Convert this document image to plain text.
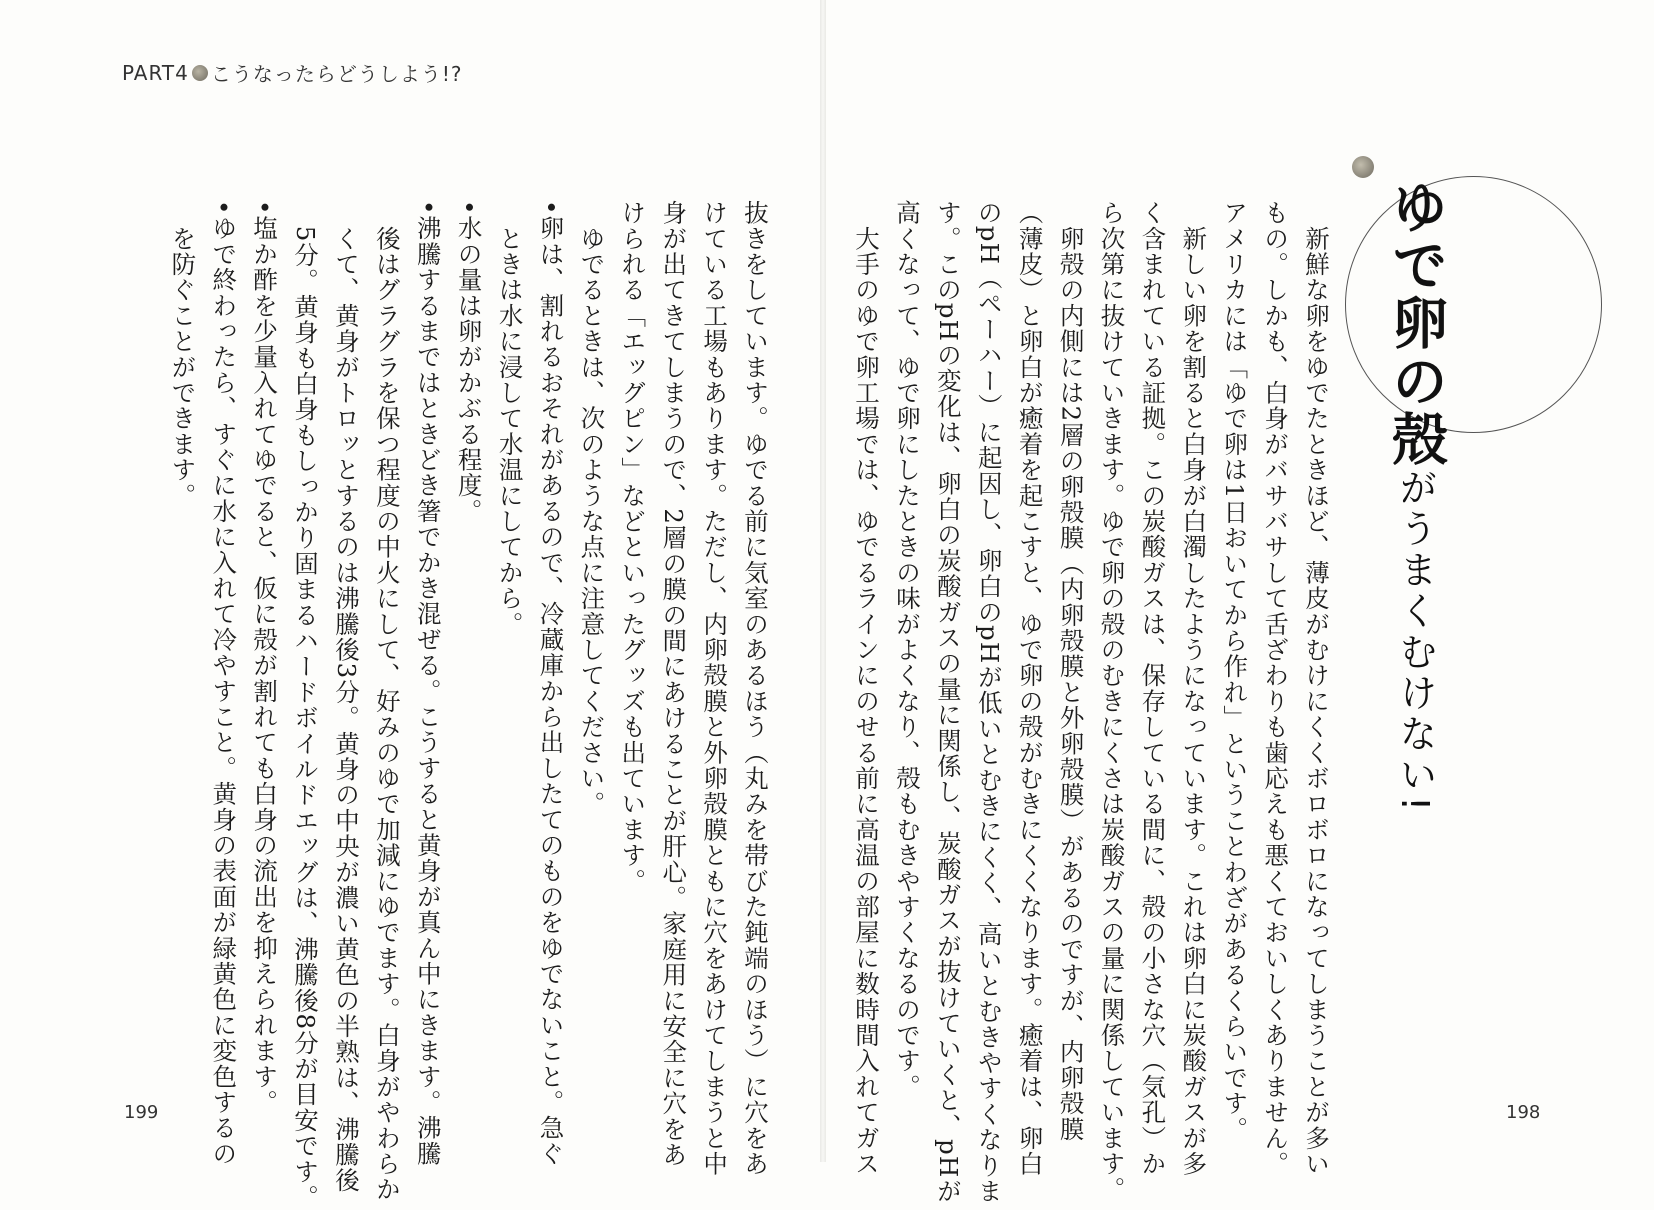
PART4 こうなったらどうしよう!?
ゆで卵の殻がうまくむけない!

　新鮮な卵をゆでたときほど、薄皮がむけにくくボロボロになってしまうことが多い
もの。しかも、白身がバサバサして舌ざわりも歯応えも悪くておいしくありません。
アメリカには「ゆで卵は1日おいてから作れ」ということわざがあるくらいです。
　新しい卵を割ると白身が白濁したようになっています。これは卵白に炭酸ガスが多
く含まれている証拠。この炭酸ガスは、保存している間に、殻の小さな穴（気孔）か
ら次第に抜けていきます。ゆで卵の殻のむきにくさは炭酸ガスの量に関係しています。
　卵殻の内側には2層の卵殻膜（内卵殻膜と外卵殻膜）があるのですが、内卵殻膜
（薄皮）と卵白が癒着を起こすと、ゆで卵の殻がむきにくくなります。癒着は、卵白
のpH（ペーハー）に起因し、卵白のpHが低いとむきにくく、高いとむきやすくなりま
す。このpHの変化は、卵白の炭酸ガスの量に関係し、炭酸ガスが抜けていくと、pHが
高くなって、ゆで卵にしたときの味がよくなり、殻もむきやすくなるのです。
　大手のゆで卵工場では、ゆでるラインにのせる前に高温の部屋に数時間入れてガス

抜きをしています。ゆでる前に気室のあるほう（丸みを帯びた鈍端のほう）に穴をあ
けている工場もあります。ただし、内卵殻膜と外卵殻膜ともに穴をあけてしまうと中
身が出てきてしまうので、2層の膜の間にあけることが肝心。家庭用に安全に穴をあ
けられる「エッグピン」などといったグッズも出ています。
　ゆでるときは、次のような点に注意してください。
•卵は、割れるおそれがあるので、冷蔵庫から出したてのものをゆでないこと。急ぐ
　ときは水に浸して水温にしてから。
•水の量は卵がかぶる程度。
•沸騰するまではときどき箸でかき混ぜる。こうすると黄身が真ん中にきます。沸騰
　後はグラグラを保つ程度の中火にして、好みのゆで加減にゆでます。白身がやわらか
　くて、黄身がトロッとするのは沸騰後3分。黄身の中央が濃い黄色の半熟は、沸騰後
　5分。黄身も白身もしっかり固まるハードボイルドエッグは、沸騰後8分が目安です。
•塩か酢を少量入れてゆでると、仮に殻が割れても白身の流出を抑えられます。
•ゆで終わったら、すぐに水に入れて冷やすこと。黄身の表面が緑黄色に変色するの
　を防ぐことができます。

199	198
